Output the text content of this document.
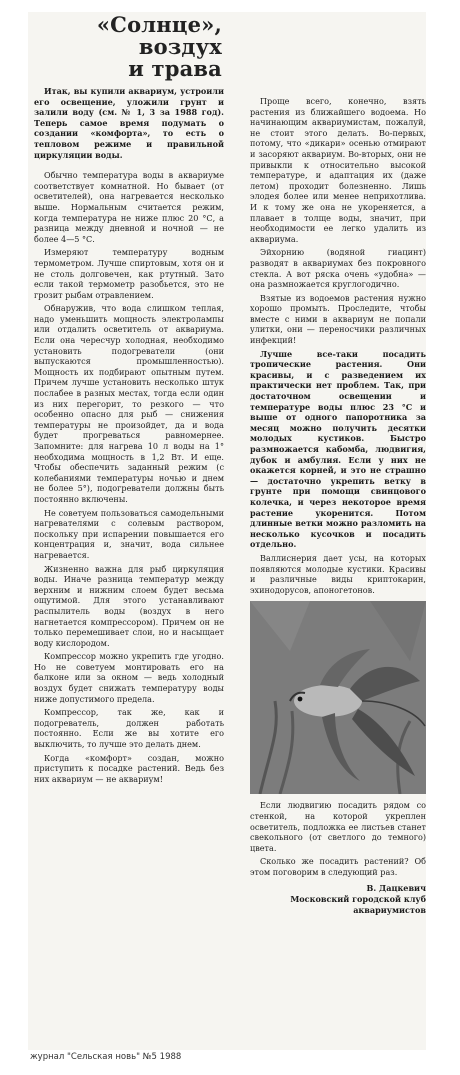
«Солнце»,
воздух
и трава

Итак, вы купили аквариум, устроили его освещение, уложили грунт и залили воду (см. № 1, 3 за 1988 год). Теперь самое время подумать о создании «комфорта», то есть о тепловом режиме и правильной циркуляции воды.

Обычно температура воды в аквариуме соответствует комнатной. Но бывает (от осветителей), она нагревается несколько выше. Нормальным считается режим, когда температура не ниже плюс 20 °С, а разница между дневной и ночной — не более 4—5 °С.

Измеряют температуру водным термометром. Лучше спиртовым, хотя он и не столь долговечен, как ртутный. Зато если такой термометр разобьется, это не грозит рыбам отравлением.

Обнаружив, что вода слишком теплая, надо уменьшить мощность электролампы или отдалить осветитель от аквариума. Если она чересчур холодная, необходимо установить подогреватели (они выпускаются промышленностью). Мощность их подбирают опытным путем. Причем лучше установить несколько штук послабее в разных местах, тогда если один из них перегорит, то резкого — что особенно опасно для рыб — снижения температуры не произойдет, да и вода будет прогреваться равномернее. Запомните: для нагрева 10 л воды на 1° необходима мощность в 1,2 Вт. И еще. Чтобы обеспечить заданный режим (с колебаниями температуры ночью и днем не более 5°), подогреватели должны быть постоянно включены.

Не советуем пользоваться самодельными нагревателями с солевым раствором, поскольку при испарении повышается его концентрация и, значит, вода сильнее нагревается.

Жизненно важна для рыб циркуляция воды. Иначе разница температур между верхним и нижним слоем будет весьма ощутимой. Для этого устанавливают распылитель воды (воздух в него нагнетается компрессором). Причем он не только перемешивает слои, но и насыщает воду кислородом.

Компрессор можно укрепить где угодно. Но не советуем монтировать его на балконе или за окном — ведь холодный воздух будет снижать температуру воды ниже допустимого предела.

Компрессор, так же, как и подогреватель, должен работать постоянно. Если же вы хотите его выключить, то лучше это делать днем.

Когда «комфорт» создан, можно приступить к посадке растений. Ведь без них аквариум — не аквариум!

Проще всего, конечно, взять растения из ближайшего водоема. Но начинающим аквариумистам, пожалуй, не стоит этого делать. Во-первых, потому, что «дикари» осенью отмирают и засоряют аквариум. Во-вторых, они не привыкли к относительно высокой температуре, и адаптация их (даже летом) проходит болезненно. Лишь элодея более или менее неприхотлива. И к тому же она не укореняется, а плавает в толще воды, значит, при необходимости ее легко удалить из аквариума.

Эйхорнию (водяной гиацинт) разводят в аквариумах без покровного стекла. А вот ряска очень «удобна» — она размножается круглогодично.

Взятые из водоемов растения нужно хорошо промыть. Проследите, чтобы вместе с ними в аквариум не попали улитки, они — переносчики различных инфекций!

Лучше все-таки посадить тропические растения. Они красивы, и с разведением их практически нет проблем. Так, при достаточном освещении и температуре воды плюс 23 °С и выше от одного папоротника за месяц можно получить десятки молодых кустиков. Быстро размножается кабомба, людвигия, дубок и амбулия. Если у них не окажется корней, и это не страшно — достаточно укрепить ветку в грунте при помощи свинцового колечка, и через некоторое время растение укоренится. Потом длинные ветки можно разломить на несколько кусочков и посадить отдельно.

Валлиснерия дает усы, на которых появляются молодые кустики. Красивы и различные виды криптокарин, эхинодорусов, апоногетонов.

Если людвигию посадить рядом со стенкой, на которой укреплен осветитель, подложка ее листьев станет свекольного (от светлого до темного) цвета.

Сколько же посадить растений? Об этом поговорим в следующий раз.

В. Дацкевич
Московский городской клуб аквариумистов
журнал "Сельская новь" №5 1988
